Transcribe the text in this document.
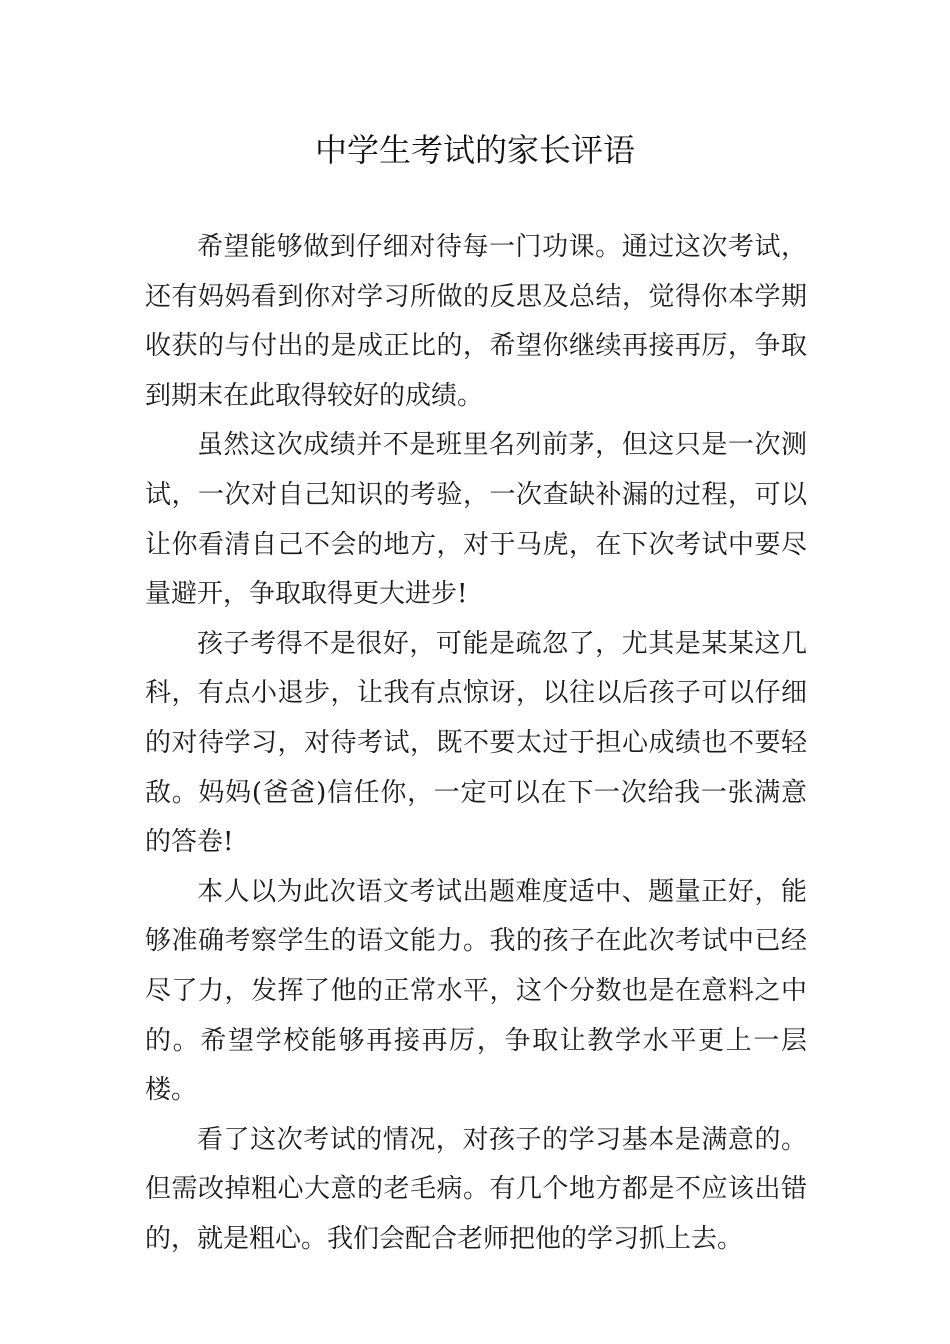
中学生考试的家长评语

希望能够做到仔细对待每一门功课。通过这次考试，还有妈妈看到你对学习所做的反思及总结，觉得你本学期收获的与付出的是成正比的，希望你继续再接再厉，争取到期末在此取得较好的成绩。

虽然这次成绩并不是班里名列前茅，但这只是一次测试，一次对自己知识的考验，一次查缺补漏的过程，可以让你看清自己不会的地方，对于马虎，在下次考试中要尽量避开，争取取得更大进步!

孩子考得不是很好，可能是疏忽了，尤其是某某这几科，有点小退步，让我有点惊讶，以往以后孩子可以仔细的对待学习，对待考试，既不要太过于担心成绩也不要轻敌。妈妈(爸爸)信任你，一定可以在下一次给我一张满意的答卷!

本人以为此次语文考试出题难度适中、题量正好，能够准确考察学生的语文能力。我的孩子在此次考试中已经尽了力，发挥了他的正常水平，这个分数也是在意料之中的。希望学校能够再接再厉，争取让教学水平更上一层楼。

看了这次考试的情况，对孩子的学习基本是满意的。但需改掉粗心大意的老毛病。有几个地方都是不应该出错的，就是粗心。我们会配合老师把他的学习抓上去。
